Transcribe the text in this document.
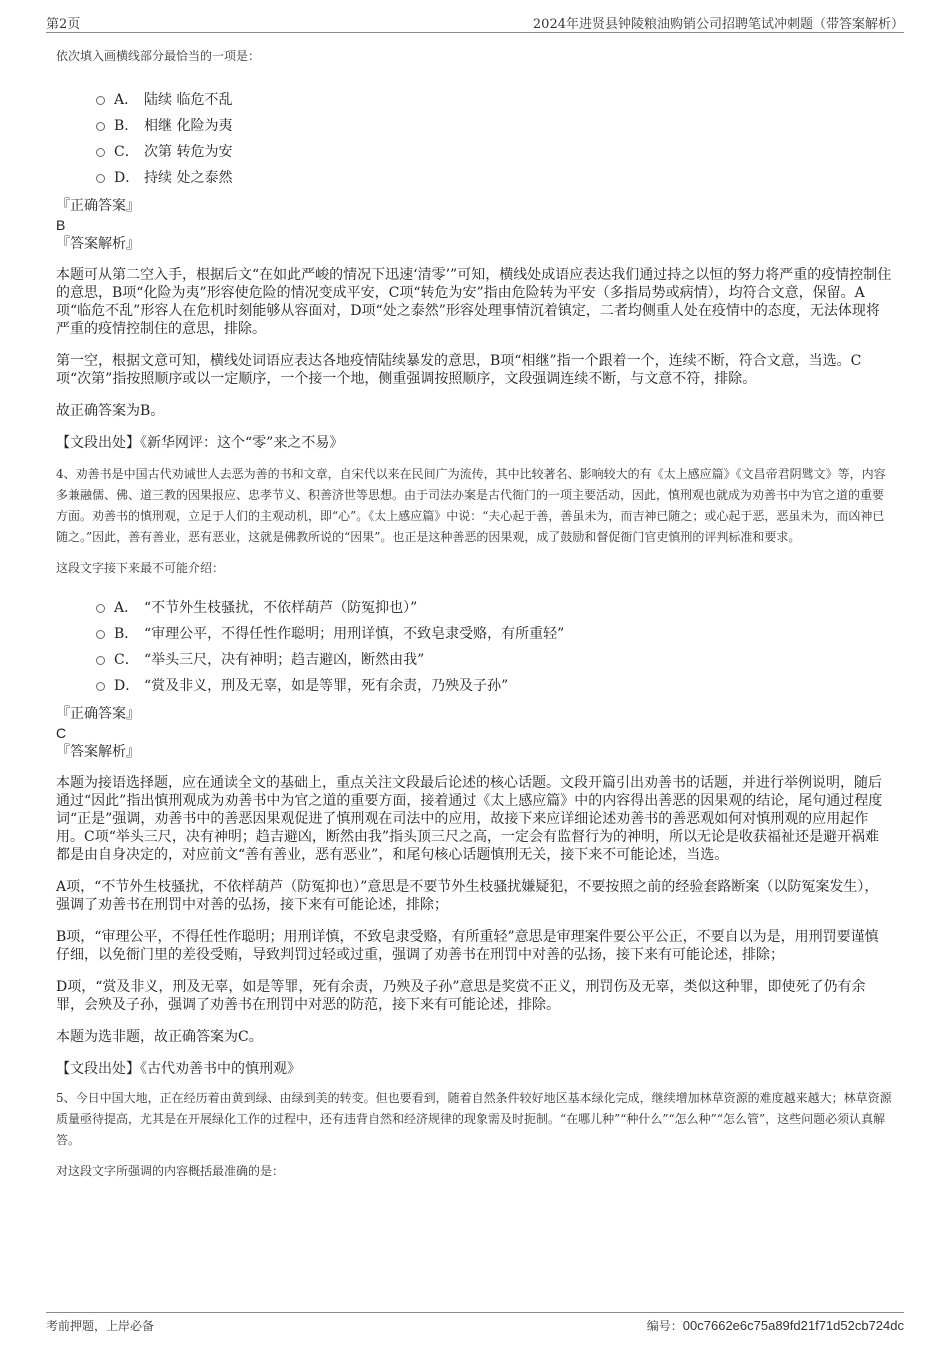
第2页	2024年进贤县钟陵粮油购销公司招聘笔试冲刺题（带答案解析）

依次填入画横线部分最恰当的一项是：

A． 陆续 临危不乱
B． 相继 化险为夷
C． 次第 转危为安
D． 持续 处之泰然

『正确答案』

B

『答案解析』

本题可从第二空入手，根据后文“在如此严峻的情况下迅速‘清零’”可知，横线处成语应表达我们通过持之以恒的努力将严重的疫情控制住的意思，B项“化险为夷”形容使危险的情况变成平安，C项“转危为安”指由危险转为平安（多指局势或病情），均符合文意，保留。A项“临危不乱”形容人在危机时刻能够从容面对，D项“处之泰然”形容处理事情沉着镇定，二者均侧重人处在疫情中的态度，无法体现将严重的疫情控制住的意思，排除。

第一空，根据文意可知，横线处词语应表达各地疫情陆续暴发的意思，B项“相继”指一个跟着一个，连续不断，符合文意，当选。C项“次第”指按照顺序或以一定顺序，一个接一个地，侧重强调按照顺序，文段强调连续不断，与文意不符，排除。

故正确答案为B。

【文段出处】《新华网评：这个“零”来之不易》

4、劝善书是中国古代劝诫世人去恶为善的书和文章，自宋代以来在民间广为流传，其中比较著名、影响较大的有《太上感应篇》《文昌帝君阴骘文》等，内容多兼融儒、佛、道三教的因果报应、忠孝节义、积善济世等思想。由于司法办案是古代衙门的一项主要活动，因此，慎刑观也就成为劝善书中为官之道的重要方面。劝善书的慎刑观，立足于人们的主观动机，即“心”。《太上感应篇》中说：“夫心起于善，善虽未为，而吉神已随之；或心起于恶，恶虽未为，而凶神已随之。”因此，善有善业，恶有恶业，这就是佛教所说的“因果”。也正是这种善恶的因果观，成了鼓励和督促衙门官吏慎刑的评判标准和要求。

这段文字接下来最不可能介绍：

A． “不节外生枝骚扰，不依样葫芦（防冤抑也）”
B． “审理公平，不得任性作聪明；用刑详慎，不致皂隶受赂，有所重轻”
C． “举头三尺，决有神明；趋吉避凶，断然由我”
D． “赏及非义，刑及无辜，如是等罪，死有余责，乃殃及子孙”

『正确答案』

C

『答案解析』

本题为接语选择题，应在通读全文的基础上，重点关注文段最后论述的核心话题。文段开篇引出劝善书的话题，并进行举例说明，随后通过“因此”指出慎刑观成为劝善书中为官之道的重要方面，接着通过《太上感应篇》中的内容得出善恶的因果观的结论，尾句通过程度词“正是”强调，劝善书中的善恶因果观促进了慎刑观在司法中的应用，故接下来应详细论述劝善书的善恶观如何对慎刑观的应用起作用。C项“举头三尺，决有神明；趋吉避凶，断然由我”指头顶三尺之高，一定会有监督行为的神明，所以无论是收获福祉还是避开祸难都是由自身决定的，对应前文“善有善业，恶有恶业”，和尾句核心话题慎刑无关，接下来不可能论述，当选。

A项，“不节外生枝骚扰，不依样葫芦（防冤抑也）”意思是不要节外生枝骚扰嫌疑犯，不要按照之前的经验套路断案（以防冤案发生），强调了劝善书在刑罚中对善的弘扬，接下来有可能论述，排除；

B项，“审理公平，不得任性作聪明；用刑详慎，不致皂隶受赂，有所重轻”意思是审理案件要公平公正，不要自以为是，用刑罚要谨慎仔细，以免衙门里的差役受贿，导致判罚过轻或过重，强调了劝善书在刑罚中对善的弘扬，接下来有可能论述，排除；

D项，“赏及非义，刑及无辜，如是等罪，死有余责，乃殃及子孙”意思是奖赏不正义，刑罚伤及无辜，类似这种罪，即使死了仍有余罪，会殃及子孙，强调了劝善书在刑罚中对恶的防范，接下来有可能论述，排除。

本题为选非题，故正确答案为C。

【文段出处】《古代劝善书中的慎刑观》

5、今日中国大地，正在经历着由黄到绿、由绿到美的转变。但也要看到，随着自然条件较好地区基本绿化完成，继续增加林草资源的难度越来越大；林草资源质量亟待提高，尤其是在开展绿化工作的过程中，还有违背自然和经济规律的现象需及时扼制。“在哪儿种”“种什么”“怎么种”“怎么管”，这些问题必须认真解答。

对这段文字所强调的内容概括最准确的是：

考前押题，上岸必备	编号：00c7662e6c75a89fd21f71d52cb724dc
